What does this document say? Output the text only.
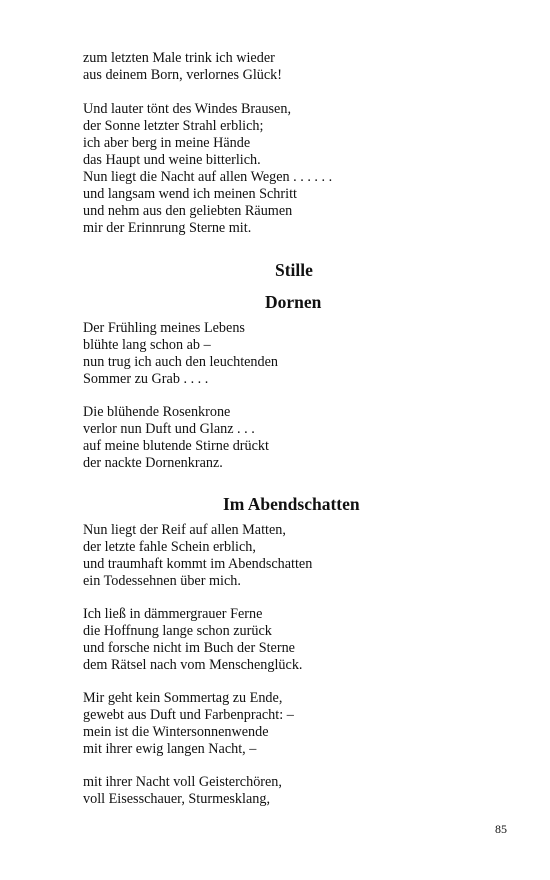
zum letzten Male trink ich wieder
aus deinem Born, verlornes Glück!
Und lauter tönt des Windes Brausen,
der Sonne letzter Strahl erblich;
ich aber berg in meine Hände
das Haupt und weine bitterlich.
Nun liegt die Nacht auf allen Wegen . . . . . .
und langsam wend ich meinen Schritt
und nehm aus den geliebten Räumen
mir der Erinnrung Sterne mit.
Stille
Dornen
Der Frühling meines Lebens
blühte lang schon ab –
nun trug ich auch den leuchtenden
Sommer zu Grab . . . .
Die blühende Rosenkrone
verlor nun Duft und Glanz . . .
auf meine blutende Stirne drückt
der nackte Dornenkranz.
Im Abendschatten
Nun liegt der Reif auf allen Matten,
der letzte fahle Schein erblich,
und traumhaft kommt im Abendschatten
ein Todessehnen über mich.
Ich ließ in dämmergrauer Ferne
die Hoffnung lange schon zurück
und forsche nicht im Buch der Sterne
dem Rätsel nach vom Menschenglück.
Mir geht kein Sommertag zu Ende,
gewebt aus Duft und Farbenpracht: –
mein ist die Wintersonnenwende
mit ihrer ewig langen Nacht, –
mit ihrer Nacht voll Geisterchören,
voll Eisesschauer, Sturmesklang,
85
